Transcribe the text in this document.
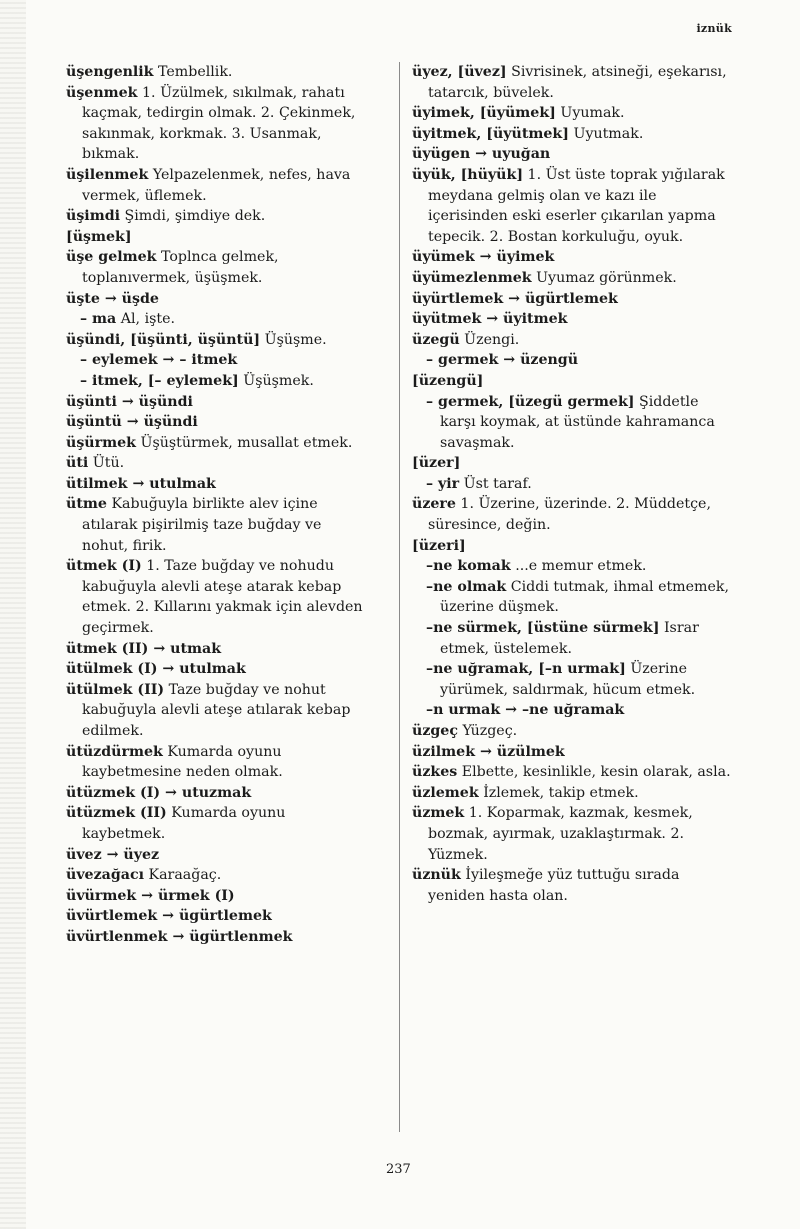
iznük

üşengenlik Tembellik.

üşenmek 1. Üzülmek, sıkılmak, rahatı kaçmak, tedirgin olmak. 2. Çekinmek, sakınmak, korkmak. 3. Usanmak, bıkmak.

üşilenmek Yelpazelenmek, nefes, hava vermek, üflemek.

üşimdi Şimdi, şimdiye dek.

[üşmek]

üşe gelmek Toplnca gelmek, toplanıvermek, üşüşmek.

üşte → üşde

– ma Al, işte.

üşündi, [üşünti, üşüntü] Üşüşme.

– eylemek → – itmek

– itmek, [– eylemek] Üşüşmek.

üşünti → üşündi

üşüntü → üşündi

üşürmek Üşüştürmek, musallat etmek.

üti Ütü.

ütilmek → utulmak

ütme Kabuğuyla birlikte alev içine atılarak pişirilmiş taze buğday ve nohut, firik.

ütmek (I) 1. Taze buğday ve nohudu kabuğuyla alevli ateşe atarak kebap etmek. 2. Kıllarını yakmak için alevden geçirmek.

ütmek (II) → utmak

ütülmek (I) → utulmak

ütülmek (II) Taze buğday ve nohut kabuğuyla alevli ateşe atılarak kebap edilmek.

ütüzdürmek Kumarda oyunu kaybetmesine neden olmak.

ütüzmek (I) → utuzmak

ütüzmek (II) Kumarda oyunu kaybetmek.

üvez → üyez

üvezağacı Karaağaç.

üvürmek → ürmek (I)

üvürtlemek → ügürtlemek

üvürtlenmek → ügürtlenmek

üyez, [üvez] Sivrisinek, atsineği, eşekarısı, tatarcık, büvelek.

üyimek, [üyümek] Uyumak.

üyitmek, [üyütmek] Uyutmak.

üyügen → uyuğan

üyük, [hüyük] 1. Üst üste toprak yığılarak meydana gelmiş olan ve kazı ile içerisinden eski eserler çıkarılan yapma tepecik. 2. Bostan korkuluğu, oyuk.

üyümek → üyimek

üyümezlenmek Uyumaz görünmek.

üyürtlemek → ügürtlemek

üyütmek → üyitmek

üzegü Üzengi.

– germek → üzengü

[üzengü]

– germek, [üzegü germek] Şiddetle karşı koymak, at üstünde kahramanca savaşmak.

[üzer]

– yir Üst taraf.

üzere 1. Üzerine, üzerinde. 2. Müddetçe, süresince, değin.

[üzeri]

–ne komak ...e memur etmek.

–ne olmak Ciddi tutmak, ihmal etmemek, üzerine düşmek.

–ne sürmek, [üstüne sürmek] Israr etmek, üstelemek.

–ne uğramak, [–n urmak] Üzerine yürümek, saldırmak, hücum etmek.

–n urmak → –ne uğramak

üzgeç Yüzgeç.

üzilmek → üzülmek

üzkes Elbette, kesinlikle, kesin olarak, asla.

üzlemek İzlemek, takip etmek.

üzmek 1. Koparmak, kazmak, kesmek, bozmak, ayırmak, uzaklaştırmak. 2. Yüzmek.

üznük İyileşmeğe yüz tuttuğu sırada yeniden hasta olan.

237
